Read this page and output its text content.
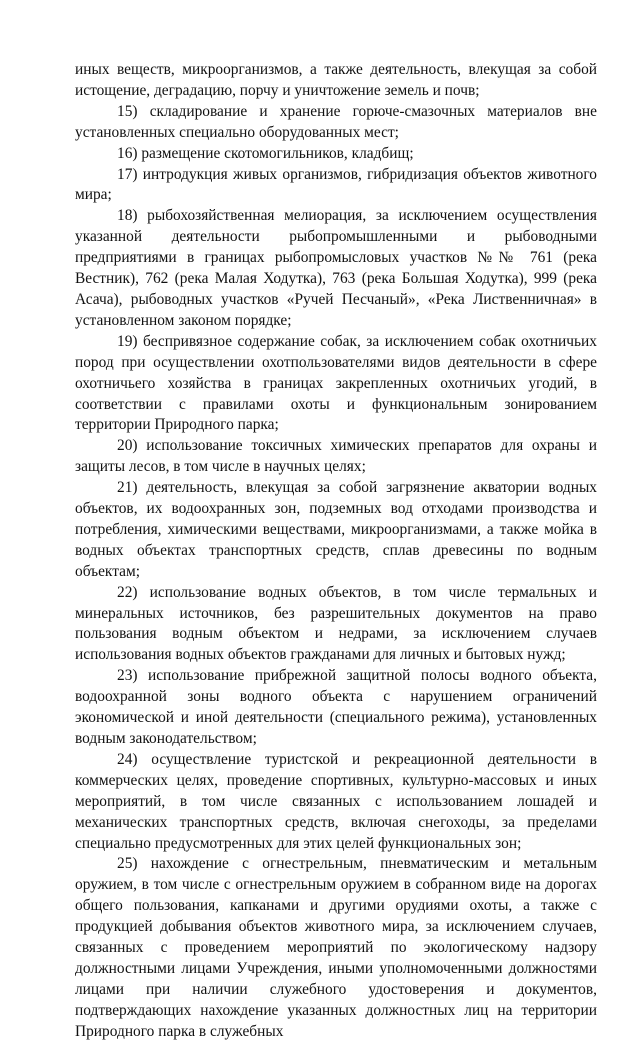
иных веществ, микроорганизмов, а также деятельность, влекущая за собой истощение, деградацию, порчу и уничтожение земель и почв;

15) складирование и хранение горюче-смазочных материалов вне установленных специально оборудованных мест;

16) размещение скотомогильников, кладбищ;

17) интродукция живых организмов, гибридизация объектов животного мира;

18) рыбохозяйственная мелиорация, за исключением осуществления указанной деятельности рыбопромышленными и рыбоводными предприятиями в границах рыбопромысловых участков №№ 761 (река Вестник), 762 (река Малая Ходутка), 763 (река Большая Ходутка), 999 (река Асача), рыбоводных участков «Ручей Песчаный», «Река Лиственничная» в установленном законом порядке;

19) беспривязное содержание собак, за исключением собак охотничьих пород при осуществлении охотпользователями видов деятельности в сфере охотничьего хозяйства в границах закрепленных охотничьих угодий, в соответствии с правилами охоты и функциональным зонированием территории Природного парка;

20) использование токсичных химических препаратов для охраны и защиты лесов, в том числе в научных целях;

21) деятельность, влекущая за собой загрязнение акватории водных объектов, их водоохранных зон, подземных вод отходами производства и потребления, химическими веществами, микроорганизмами, а также мойка в водных объектах транспортных средств, сплав древесины по водным объектам;

22) использование водных объектов, в том числе термальных и минеральных источников, без разрешительных документов на право пользования водным объектом и недрами, за исключением случаев использования водных объектов гражданами для личных и бытовых нужд;

23) использование прибрежной защитной полосы водного объекта, водоохранной зоны водного объекта с нарушением ограничений экономической и иной деятельности (специального режима), установленных водным законодательством;

24) осуществление туристской и рекреационной деятельности в коммерческих целях, проведение спортивных, культурно-массовых и иных мероприятий, в том числе связанных с использованием лошадей и механических транспортных средств, включая снегоходы, за пределами специально предусмотренных для этих целей функциональных зон;

25) нахождение с огнестрельным, пневматическим и метальным оружием, в том числе с огнестрельным оружием в собранном виде на дорогах общего пользования, капканами и другими орудиями охоты, а также с продукцией добывания объектов животного мира, за исключением случаев, связанных с проведением мероприятий по экологическому надзору должностными лицами Учреждения, иными уполномоченными должностями лицами при наличии служебного удостоверения и документов, подтверждающих нахождение указанных должностных лиц на территории Природного парка в служебных
